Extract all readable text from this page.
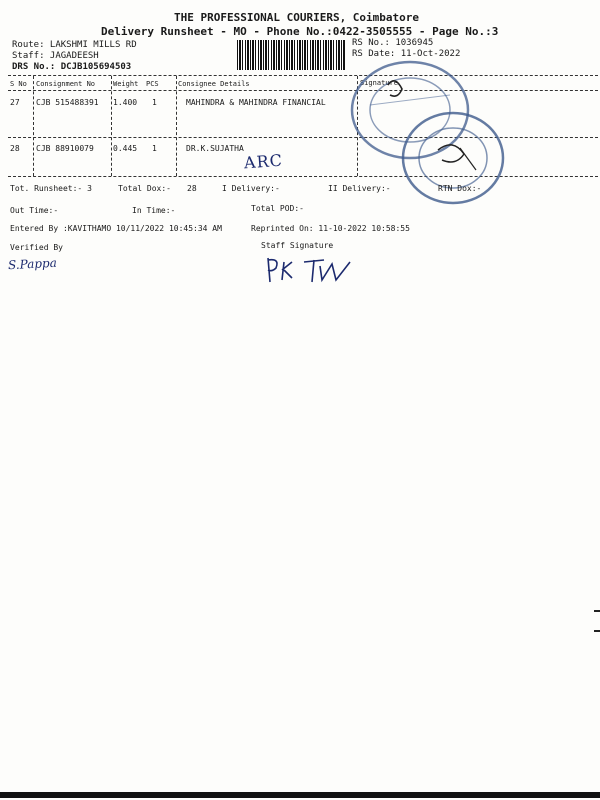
THE PROFESSIONAL COURIERS, Coimbatore
Delivery Runsheet - MO - Phone No.:0422-3505555 - Page No.:3
Route: LAKSHMI MILLS RD
Staff: JAGADEESH
DRS No.: DCJB105694503
RS No.: 1036945
RS Date: 11-Oct-2022
S No Consignment No	Weight PCS	Consignee Details	Signature
27 CJB 515488391 1.400 1	MAHINDRA & MAHINDRA FINANCIAL
28 CJB 88910079 0.445 1	DR.K.SUJATHA
ARC
Tot. Runsheet:- 3	Total Dox:- 28	I Delivery:-	II Delivery:-	RTN Dox:-
Out Time:-	In Time:-	Total POD:-
Entered By :KAVITHAMO 10/11/2022 10:45:34 AM	Reprinted On: 11-10-2022 10:58:55
Verified By
S.Pappa
Staff Signature
